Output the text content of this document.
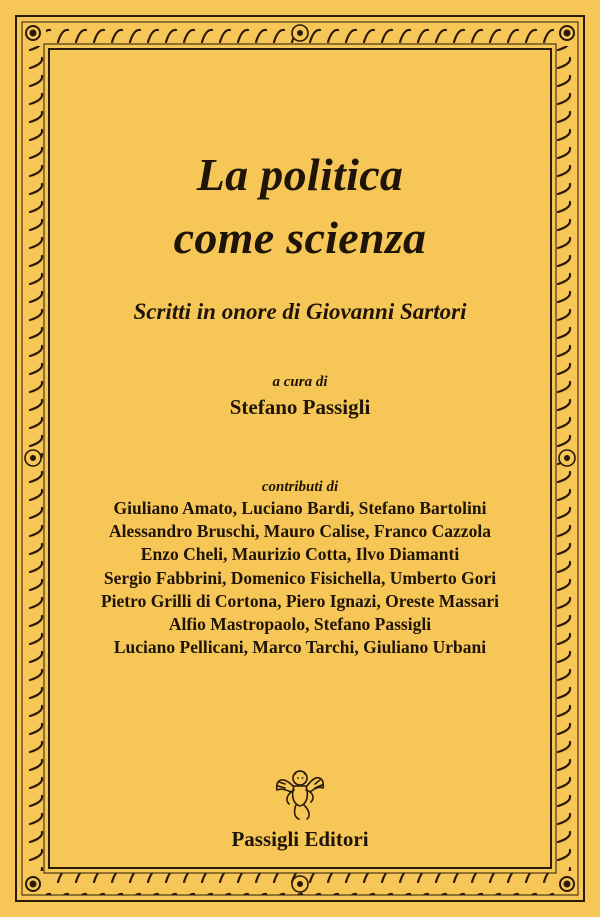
La politica
come scienza
Scritti in onore di Giovanni Sartori
a cura di
Stefano Passigli
contributi di
Giuliano Amato, Luciano Bardi, Stefano Bartolini
Alessandro Bruschi, Mauro Calise, Franco Cazzola
Enzo Cheli, Maurizio Cotta, Ilvo Diamanti
Sergio Fabbrini, Domenico Fisichella, Umberto Gori
Pietro Grilli di Cortona, Piero Ignazi, Oreste Massari
Alfio Mastropaolo, Stefano Passigli
Luciano Pellicani, Marco Tarchi, Giuliano Urbani
Passigli Editori
